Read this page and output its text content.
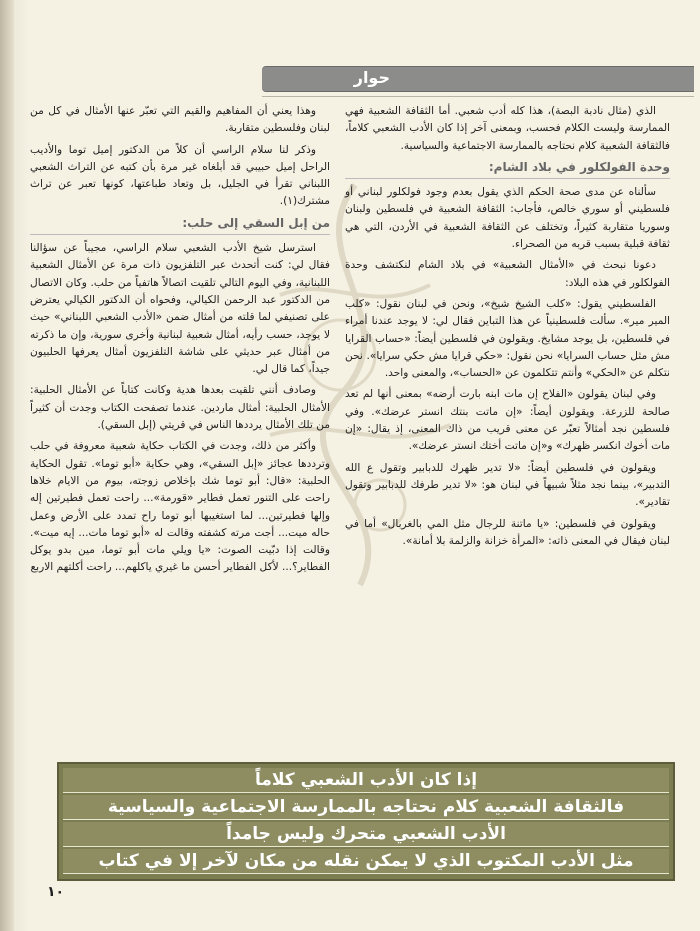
حوار

الذي (مثال نادبة البصة)، هذا كله أدب شعبي. أما الثقافة الشعبية فهي الممارسة وليست الكلام فحسب، وبمعنى آخر إذا كان الأدب الشعبي كلاماً، فالثقافة الشعبية كلام نحتاجه بالممارسة الاجتماعية والسياسية.

وحدة الفولكلور في بلاد الشام:

سألناه عن مدى صحة الحكم الذي يقول بعدم وجود فولكلور لبناني أو فلسطيني أو سوري خالص، فأجاب: الثقافة الشعبية في فلسطين ولبنان وسوريا متقاربة كثيراً، وتختلف عن الثقافة الشعبية في الأردن، التي هي ثقافة قبلية بسبب قربه من الصحراء.

دعونا نبحث في «الأمثال الشعبية» في بلاد الشام لنكتشف وحدة الفولكلور في هذه البلاد:

الفلسطيني يقول: «كلب الشيخ شيخ»، ونحن في لبنان نقول: «كلب المير مير». سألت فلسطينياً عن هذا التباين فقال لي: لا يوجد عندنا أمراء في فلسطين، بل يوجد مشايخ. ويقولون في فلسطين أيضاً: «حساب القرايا مش مثل حساب السرايا» نحن نقول: «حكي قرايا مش حكي سرايا». نحن نتكلم عن «الحكي» وأنتم تتكلمون عن «الحساب»، والمعنى واحد.

وفي لبنان يقولون «الفلاح إن مات ابنه بارت أرضه» بمعنى أنها لم تعد صالحة للزرعة. ويقولون أيضاً: «إن ماتت بنتك انستر عرضك». وفي فلسطين نجد أمثالاً تعبّر عن معنى قريب من ذاك المعنى، إذ يقال: «إن مات أخوك انكسر ظهرك» و«إن ماتت أختك انستر عرضك».

ويقولون في فلسطين أيضاً: «لا تدير ظهرك للدبابير وتقول ع الله التدبير»، بينما نجد مثلاً شبيهاً في لبنان هو: «لا تدير طرفك للدبابير وتقول تقادير».

ويقولون في فلسطين: «يا ماتنة للرجال مثل المي بالغربال» أما في لبنان فيقال في المعنى ذاته: «المرأة خزانة والزلمة بلا أمانة».

وهذا يعني أن المفاهيم والقيم التي تعبّر عنها الأمثال في كل من لبنان وفلسطين متقاربة.

وذكر لنا سلام الراسي أن كلاً من الدكتور إميل توما والأديب الراحل إميل حبيبي قد أبلغاه غير مرة بأن كتبه عن التراث الشعبي اللبناني تقرأ في الجليل، بل وتعاد طباعتها، كونها تعبر عن تراث مشترك(١).

من إبل السقي إلى حلب:

استرسل شيخ الأدب الشعبي سلام الراسي، مجيباً عن سؤالنا فقال لي: كنت أتحدث عبر التلفزيون ذات مرة عن الأمثال الشعبية اللبنانية، وفي اليوم التالي تلقيت اتصالاً هاتفياً من حلب. وكان الاتصال من الدكتور عبد الرحمن الكيالي، وفحواه أن الدكتور الكيالي يعترض على تصنيفي لما قلته من أمثال ضمن «الأدب الشعبي اللبناني» حيث لا يوجد، حسب رأيه، أمثال شعبية لبنانية وأخرى سورية، وإن ما ذكرته من أمثال عبر حديثي على شاشة التلفزيون أمثال يعرفها الحلبيون جيداً، كما قال لي.

وصادف أنني تلقيت بعدها هدية وكانت كتاباً عن الأمثال الحلبية: الأمثال الحلبية: أمثال ماردين. عندما تصفحت الكتاب وجدت أن كثيراً من تلك الأمثال يرددها الناس في قريتي (إبل السقي).

وأكثر من ذلك، وجدت في الكتاب حكاية شعبية معروفة في حلب وترددها عجائز «إبل السقي»، وهي حكاية «أبو توما». تقول الحكاية الحلبية: «قال: أبو توما شك بإخلاص زوجته، بيوم من الايام خلاها راحت على التنور تعمل فطاير «قورمة»... راحت تعمل فطيرتين إله وإلها فطيرتين... لما استغيبها أبو توما راح تمدد على الأرض وعمل حاله ميت... أجت مرته كشفته وقالت له «أبو توما مات... إيه ميت». وقالت إذا دبّيت الصوت: «يا ويلي مات أبو توما، مين بدو يوكل الفطاير؟... لأكل الفطاير أحسن ما غيري ياكلهم... راحت أكلتهم الاربع

إذا كان الأدب الشعبي كلاماً
فالثقافة الشعبية كلام نحتاجه بالممارسة الاجتماعية والسياسية
الأدب الشعبي متحرك وليس جامداً
مثل الأدب المكتوب الذي لا يمكن نقله من مكان لآخر إلا في كتاب
١٠
